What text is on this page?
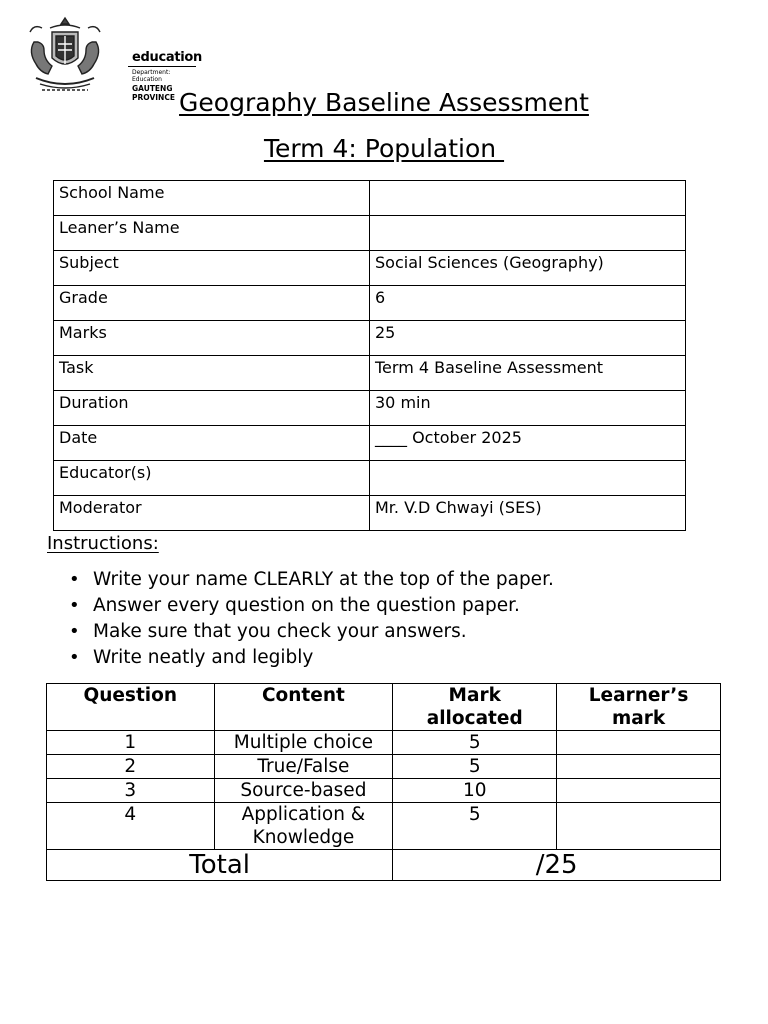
education
Department: Education
GAUTENG PROVINCE Geography Baseline Assessment
Term 4: Population
School Name	
Leaner’s Name	
Subject	Social Sciences (Geography)
Grade	6
Marks	25
Task	Term 4 Baseline Assessment
Duration	30 min
Date	____ October 2025
Educator(s)	
Moderator	Mr. V.D Chwayi (SES)
Instructions:
• Write your name CLEARLY at the top of the paper.
• Answer every question on the question paper.
• Make sure that you check your answers.
• Write neatly and legibly
Question	Content	Mark allocated	Learner’s mark
1	Multiple choice	5	
2	True/False	5	
3	Source-based	10	
4	Application & Knowledge	5	
Total		/25	
